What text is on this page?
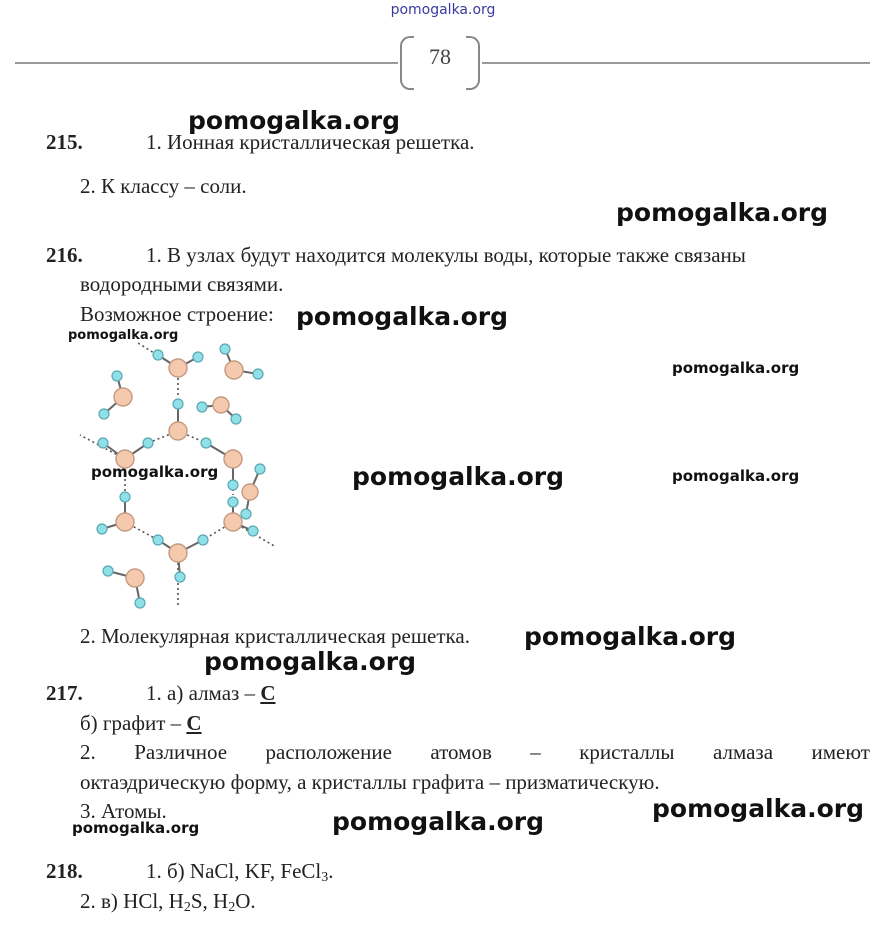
pomogalka.org
78
215.	1. Ионная кристаллическая решетка.
2. К классу – соли.
216.	1. В узлах будут находится молекулы воды, которые также связаны
водородными связями.
Возможное строение:
2. Молекулярная кристаллическая решетка.
217.	1. а) алмаз – C
б) графит – C
2. Различное расположение атомов – кристаллы алмаза имеют
октаэдрическую форму, а кристаллы графита – призматическую.
3. Атомы.
218.	1. б) NaCl, KF, FeCl$_3$.
2. в) HCl, $H_2S$, $H_2O$.
pomogalka.org
pomogalka.org
pomogalka.org
pomogalka.org
pomogalka.org
pomogalka.org	pomogalka.org	pomogalka.org
pomogalka.org
pomogalka.org
pomogalka.org
pomogalka.org
pomogalka.org
